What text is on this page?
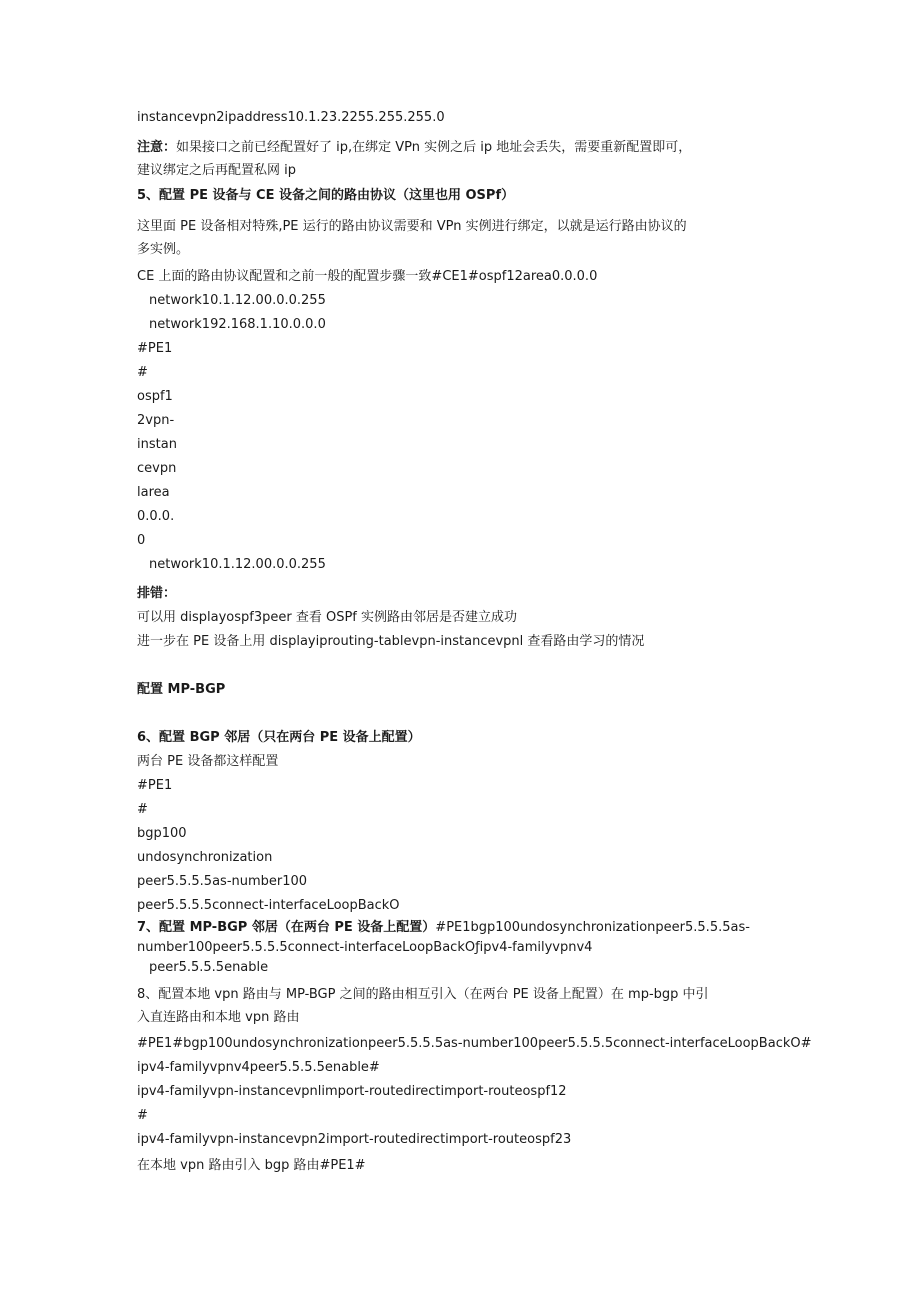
instancevpn2ipaddress10.1.23.2255.255.255.0

注意：如果接口之前已经配置好了 ip,在绑定 VPn 实例之后 ip 地址会丢失，需要重新配置即可，

建议绑定之后再配置私网 ip

5、配置 PE 设备与 CE 设备之间的路由协议（这里也用 OSPf）

这里面 PE 设备相对特殊,PE 运行的路由协议需要和 VPn 实例进行绑定，以就是运行路由协议的

多实例。

CE 上面的路由协议配置和之前一般的配置步骤一致#CE1#ospf12area0.0.0.0

network10.1.12.00.0.0.255

network192.168.1.10.0.0.0

#PE1

#

ospf1

2vpn-

instan

cevpn

larea

0.0.0.

0

network10.1.12.00.0.0.255

排错：

可以用 displayospf3peer 查看 OSPf 实例路由邻居是否建立成功

进一步在 PE 设备上用 displayiprouting-tablevpn-instancevpnl 查看路由学习的情况

配置 MP-BGP

6、配置 BGP 邻居（只在两台 PE 设备上配置）

两台 PE 设备都这样配置

#PE1

#

bgp100

undosynchronization

peer5.5.5.5as-number100

peer5.5.5.5connect-interfaceLoopBackO

7、配置 MP-BGP 邻居（在两台 PE 设备上配置）#PE1bgp100undosynchronizationpeer5.5.5.5as-

number100peer5.5.5.5connect-interfaceLoopBackOƒipv4-familyvpnv4

peer5.5.5.5enable

8、配置本地 vpn 路由与 MP-BGP 之间的路由相互引入（在两台 PE 设备上配置）在 mp-bgp 中引

入直连路由和本地 vpn 路由

#PE1#bgp100undosynchronizationpeer5.5.5.5as-number100peer5.5.5.5connect-interfaceLoopBackO#

ipv4-familyvpnv4peer5.5.5.5enable#

ipv4-familyvpn-instancevpnlimport-routedirectimport-routeospf12

#

ipv4-familyvpn-instancevpn2import-routedirectimport-routeospf23

在本地 vpn 路由引入 bgp 路由#PE1#
